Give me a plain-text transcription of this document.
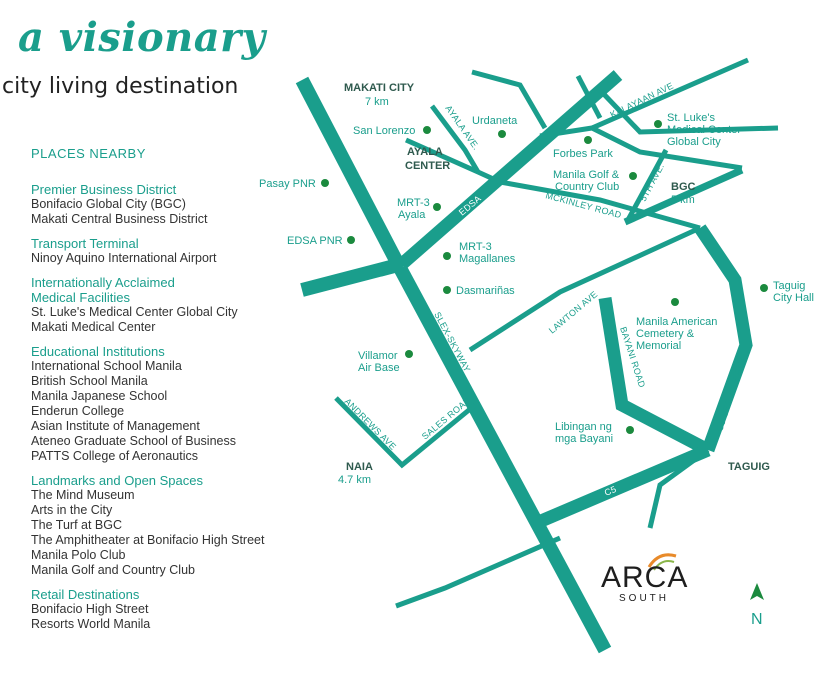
a visionary
city living destination
PLACES NEARBY
Premier Business District
Bonifacio Global City (BGC)
Makati Central Business District
Transport Terminal
Ninoy Aquino International Airport
Internationally Acclaimed
Medical Facilities
St. Luke's Medical Center Global City
Makati Medical Center
Educational Institutions
International School Manila
British School Manila
Manila Japanese School
Enderun College
Asian Institute of Management
Ateneo Graduate School of Business
PATTS College of Aeronautics
Landmarks and Open Spaces
The Mind Museum
Arts in the City
The Turf at BGC
The Amphitheater at Bonifacio High Street
Manila Polo Club
Manila Golf and Country Club
Retail Destinations
Bonifacio High Street
Resorts World Manila
EDSA
AYALA AVE.
KALAYAAN AVE
MCKINLEY ROAD
5TH AVE.
LAWTON AVE
BAYANI ROAD	C5 SERVICE ROAD
SLEX-SKYWAY
ANDREWS AVE SALES ROAD
C5
MAKATI CITY
7 km
AYALA
CENTER
BGC
5 km
NAIA
4.7 km
TAGUIG
San Lorenzo
Urdaneta	St. Luke's
Medical Center
Global City
Forbes Park
Manila Golf &
Country Club
Pasay PNR
MRT-3
Ayala
EDSA PNR	MRT-3
Magallanes
Dasmariñas	Taguig
City Hall
Manila American
Cemetery &
Memorial
Villamor
Air Base
Libingan ng
mga Bayani
ARCA
SOUTH
N
